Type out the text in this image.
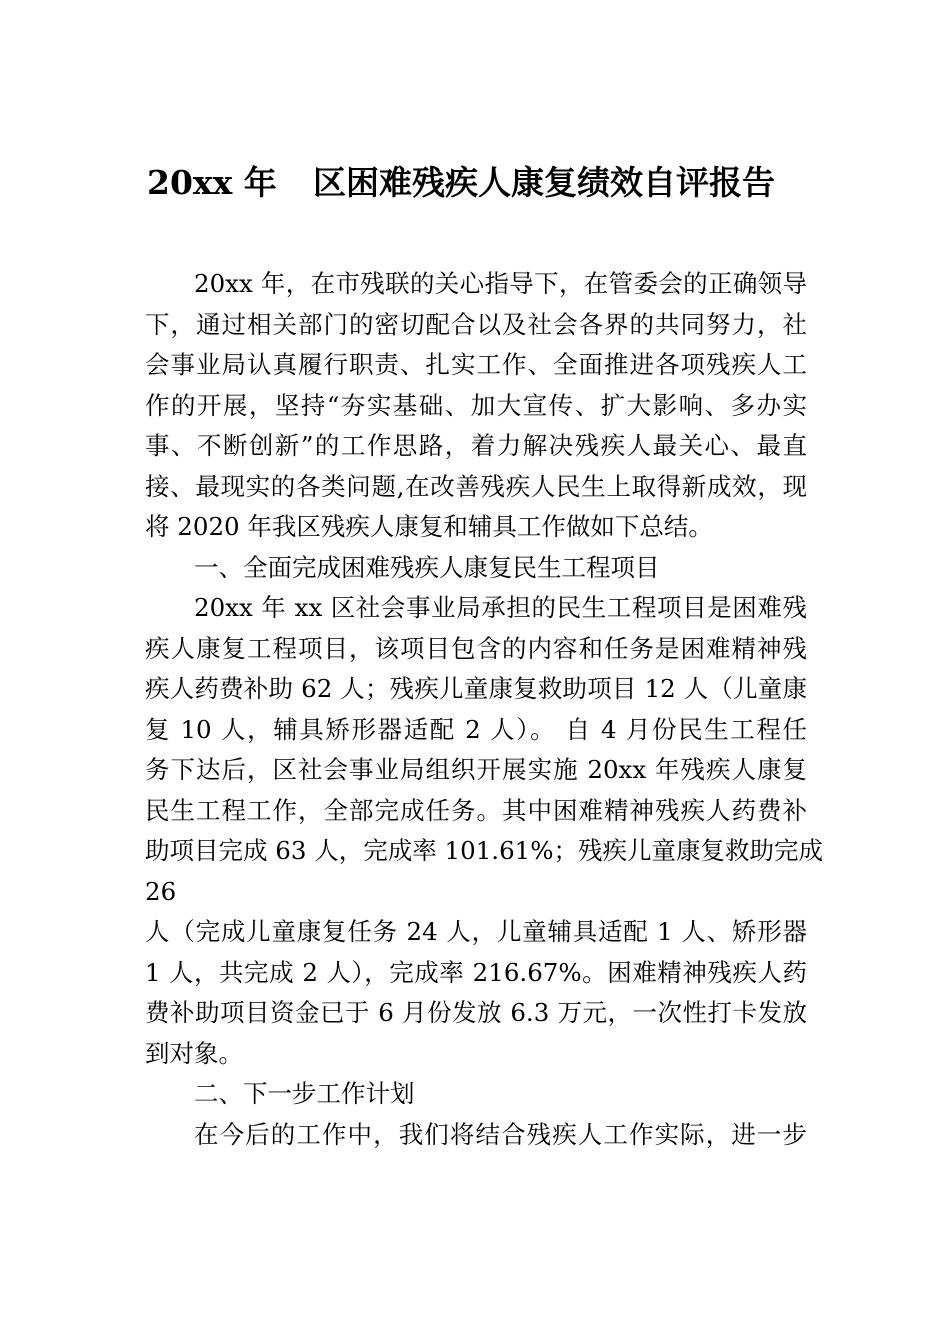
20xx 年 区困难残疾人康复绩效自评报告

20xx 年，在市残联的关心指导下，在管委会的正确领导
下，通过相关部门的密切配合以及社会各界的共同努力，社
会事业局认真履行职责、扎实工作、全面推进各项残疾人工
作的开展，坚持“夯实基础、加大宣传、扩大影响、多办实
事、不断创新”的工作思路，着力解决残疾人最关心、最直
接、最现实的各类问题,在改善残疾人民生上取得新成效，现
将 2020 年我区残疾人康复和辅具工作做如下总结。

一、全面完成困难残疾人康复民生工程项目

20xx 年 xx 区社会事业局承担的民生工程项目是困难残
疾人康复工程项目，该项目包含的内容和任务是困难精神残
疾人药费补助 62 人；残疾儿童康复救助项目 12 人（儿童康
复 10 人，辅具矫形器适配 2 人）。 自 4 月份民生工程任
务下达后，区社会事业局组织开展实施 20xx 年残疾人康复
民生工程工作，全部完成任务。其中困难精神残疾人药费补
助项目完成 63 人，完成率 101.61%；残疾儿童康复救助完成
26
人（完成儿童康复任务 24 人，儿童辅具适配 1 人、矫形器
1 人，共完成 2 人），完成率 216.67%。困难精神残疾人药
费补助项目资金已于 6 月份发放 6.3 万元，一次性打卡发放
到对象。

二、下一步工作计划

在今后的工作中，我们将结合残疾人工作实际，进一步
